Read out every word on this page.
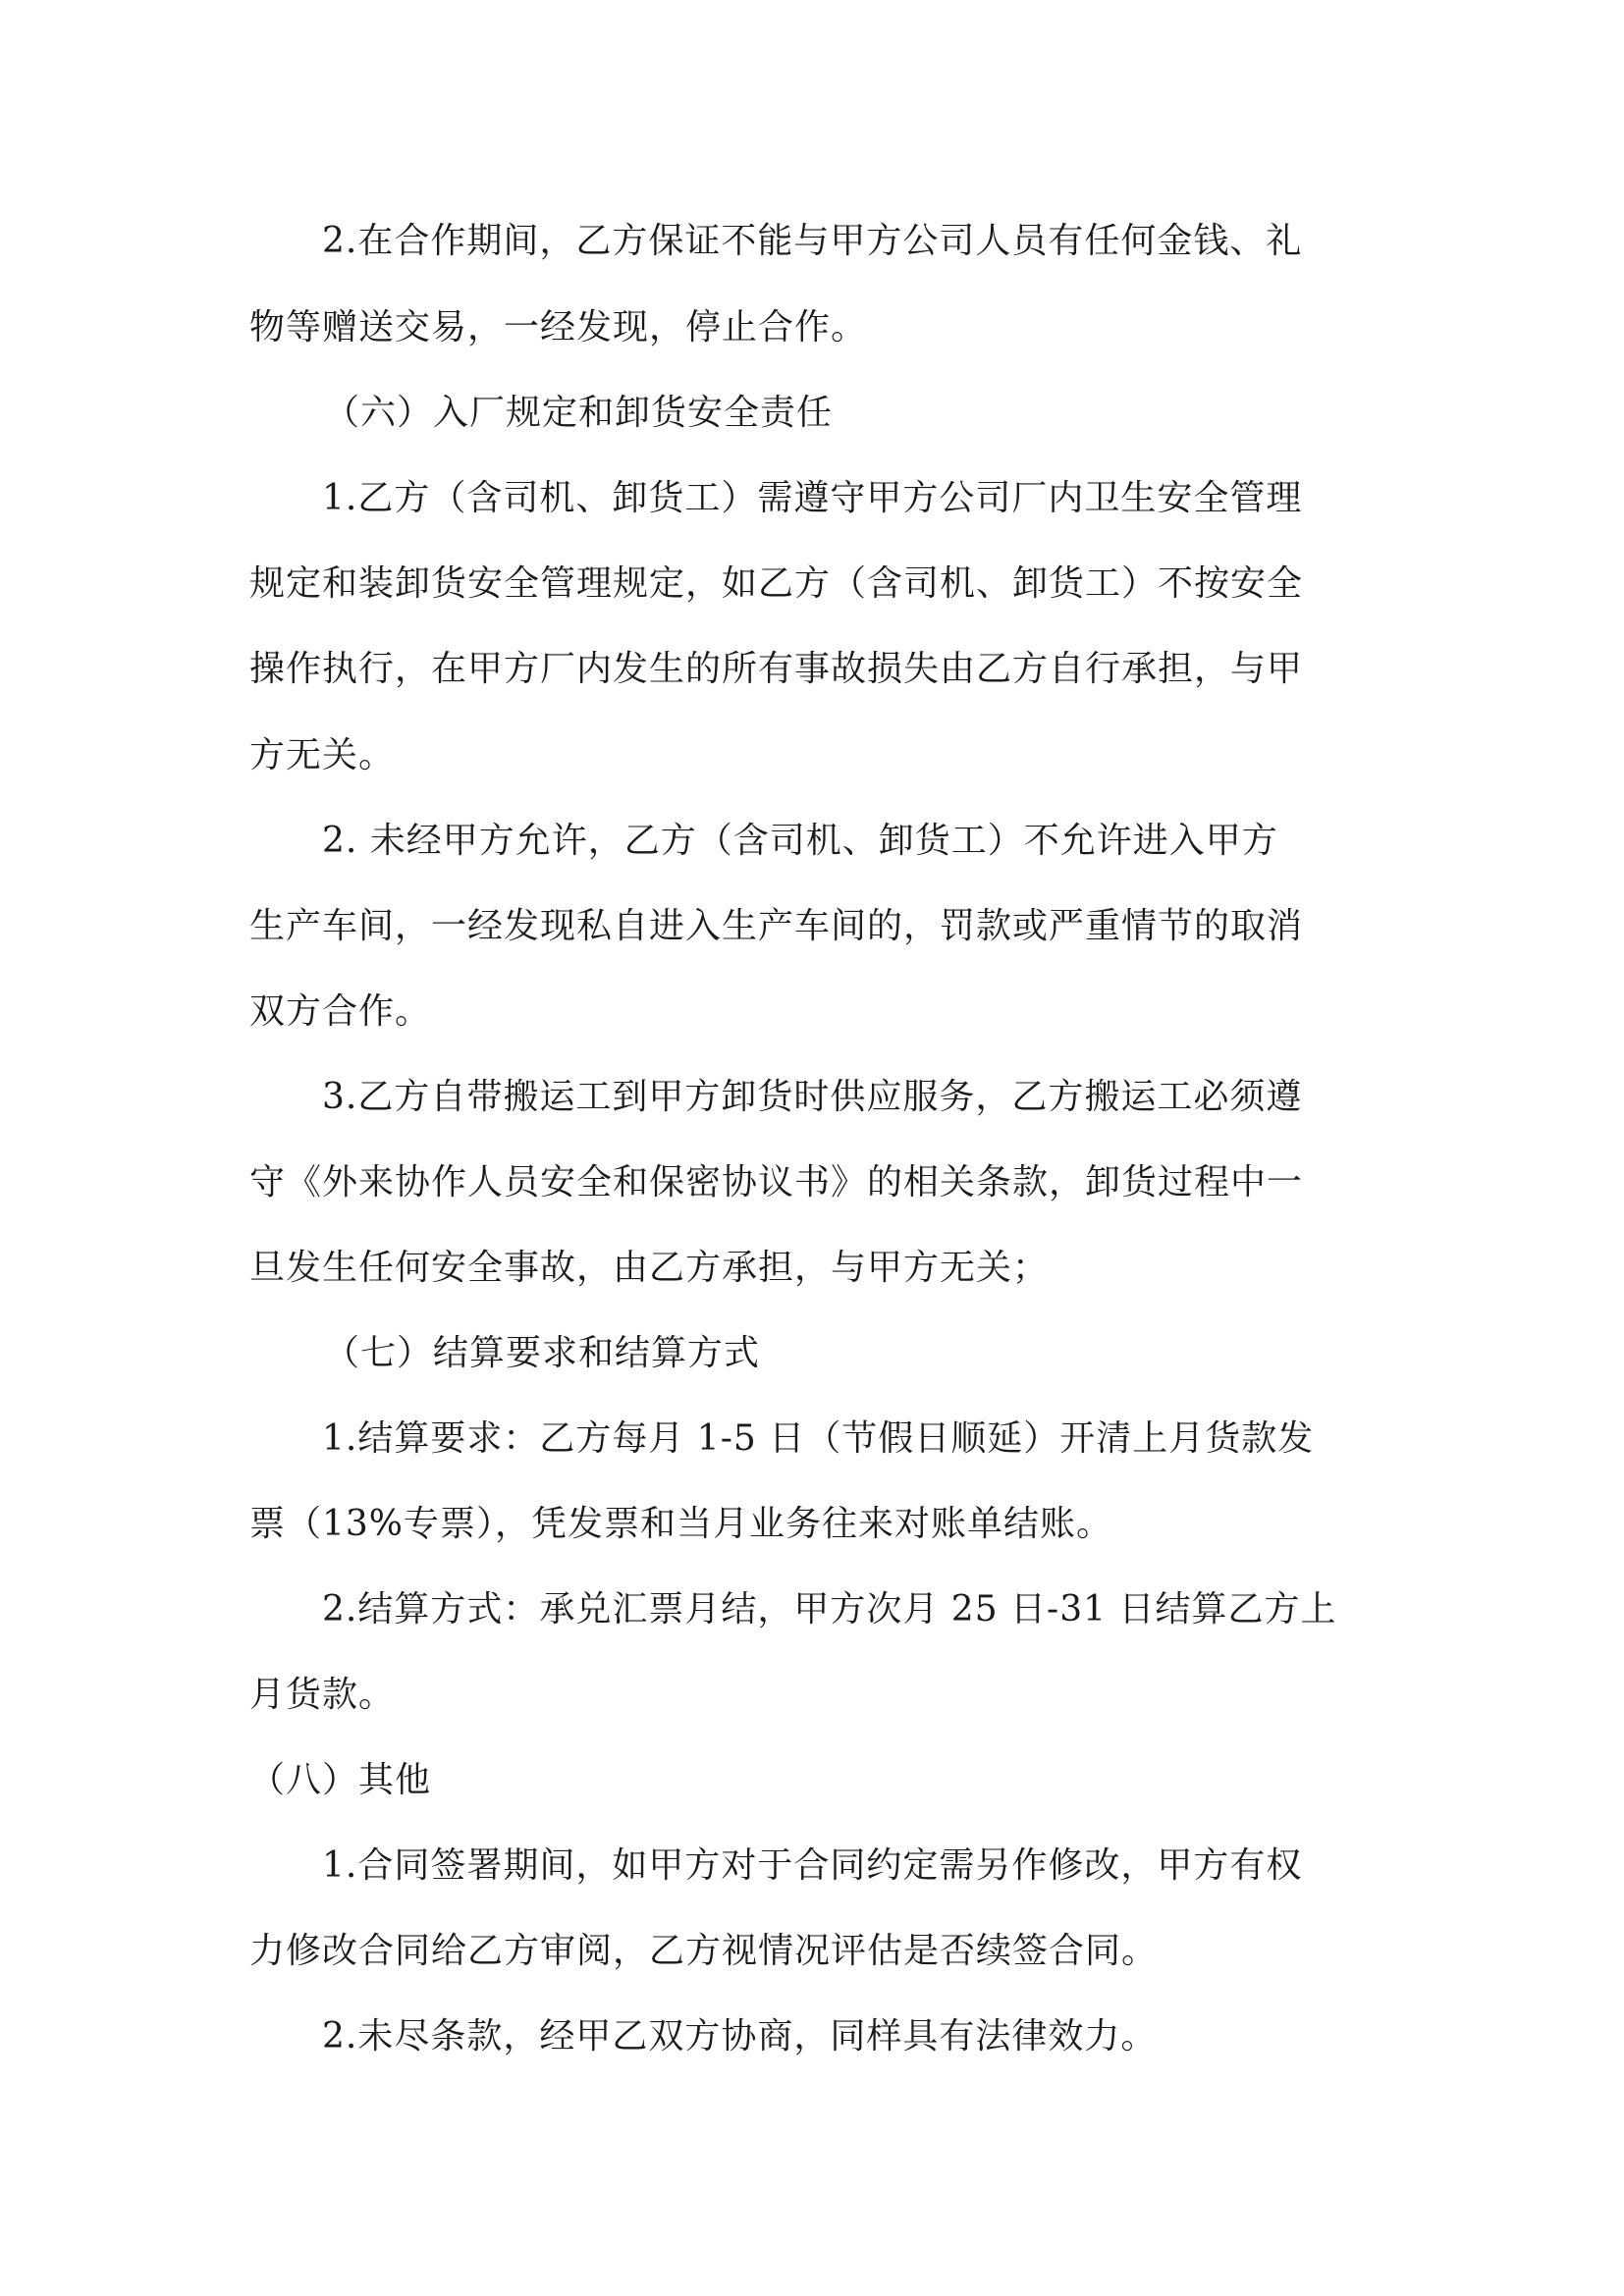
2.在合作期间，乙方保证不能与甲方公司人员有任何金钱、礼
物等赠送交易，一经发现，停止合作。
（六）入厂规定和卸货安全责任
1.乙方（含司机、卸货工）需遵守甲方公司厂内卫生安全管理
规定和装卸货安全管理规定，如乙方（含司机、卸货工）不按安全
操作执行，在甲方厂内发生的所有事故损失由乙方自行承担，与甲
方无关。
2. 未经甲方允许，乙方（含司机、卸货工）不允许进入甲方
生产车间，一经发现私自进入生产车间的，罚款或严重情节的取消
双方合作。
3.乙方自带搬运工到甲方卸货时供应服务，乙方搬运工必须遵
守《外来协作人员安全和保密协议书》的相关条款，卸货过程中一
旦发生任何安全事故，由乙方承担，与甲方无关；
（七）结算要求和结算方式
1.结算要求：乙方每月 1-5 日（节假日顺延）开清上月货款发
票（13%专票），凭发票和当月业务往来对账单结账。
2.结算方式：承兑汇票月结，甲方次月 25 日-31 日结算乙方上
月货款。
（八）其他
1.合同签署期间，如甲方对于合同约定需另作修改，甲方有权
力修改合同给乙方审阅，乙方视情况评估是否续签合同。
2.未尽条款，经甲乙双方协商，同样具有法律效力。
